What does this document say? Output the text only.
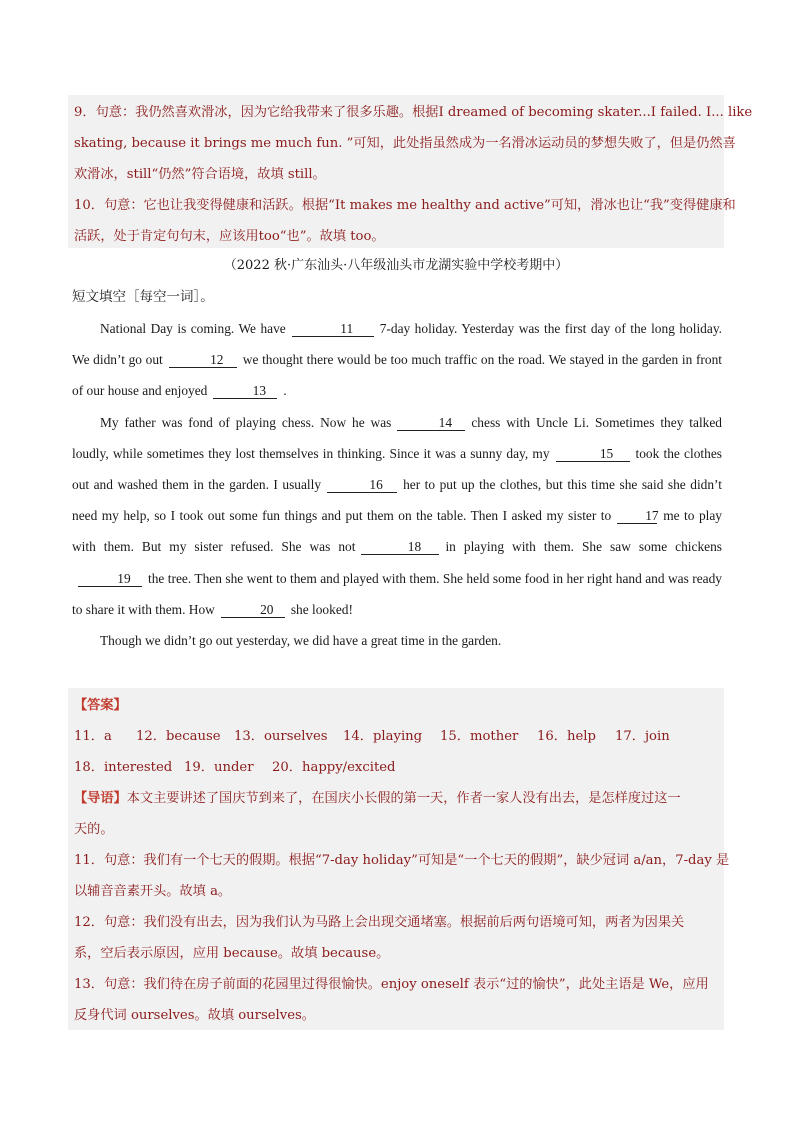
9．句意：我仍然喜欢滑冰，因为它给我带来了很多乐趣。根据I dreamed of becoming skater...I failed. I... like

skating, because it brings me much fun. ”可知，此处指虽然成为一名滑冰运动员的梦想失败了，但是仍然喜

欢滑冰，still“仍然”符合语境，故填 still。

10．句意：它也让我变得健康和活跃。根据“It makes me healthy and active”可知，滑冰也让“我”变得健康和

活跃，处于肯定句句末，应该用too“也”。故填 too。

（2022 秋·广东汕头·八年级汕头市龙湖实验中学校考期中）
短文填空［每空一词］。

National Day is coming. We have	11 7-day holiday. Yesterday was the first day of the long holiday. We didn’t go out	12 we thought there would be too much traffic on the road. We stayed in the garden in front of our house and enjoyed	13 .

My father was fond of playing chess. Now he was	14 chess with Uncle Li. Sometimes they talked loudly, while sometimes they lost themselves in thinking. Since it was a sunny day, my	15 took the clothes out and washed them in the garden. I usually	16 her to put up the clothes, but this time she said she didn’t need my help, so I took out some fun things and put them on the table. Then I asked my sister to	17 me to play with them. But my sister refused. She was not	18 in playing with them. She saw some chickens19 the tree. Then she went to them and played with them. She held some food in her right hand and was ready to share it with them. How	20 she looked!

Though we didn’t go out yesterday, we did have a great time in the garden.

【答案】

11．a 12．because 13．ourselves 14．playing 15．mother 16．help 17．join

18．interested 19．under 20．happy/excited

【导语】本文主要讲述了国庆节到来了，在国庆小长假的第一天，作者一家人没有出去，是怎样度过这一

天的。

11．句意：我们有一个七天的假期。根据“7-day holiday”可知是“一个七天的假期”，缺少冠词 a/an，7-day 是

以辅音音素开头。故填 a。

12．句意：我们没有出去，因为我们认为马路上会出现交通堵塞。根据前后两句语境可知，两者为因果关

系，空后表示原因，应用 because。故填 because。

13．句意：我们待在房子前面的花园里过得很愉快。enjoy oneself 表示“过的愉快”，此处主语是 We，应用

反身代词 ourselves。故填 ourselves。
